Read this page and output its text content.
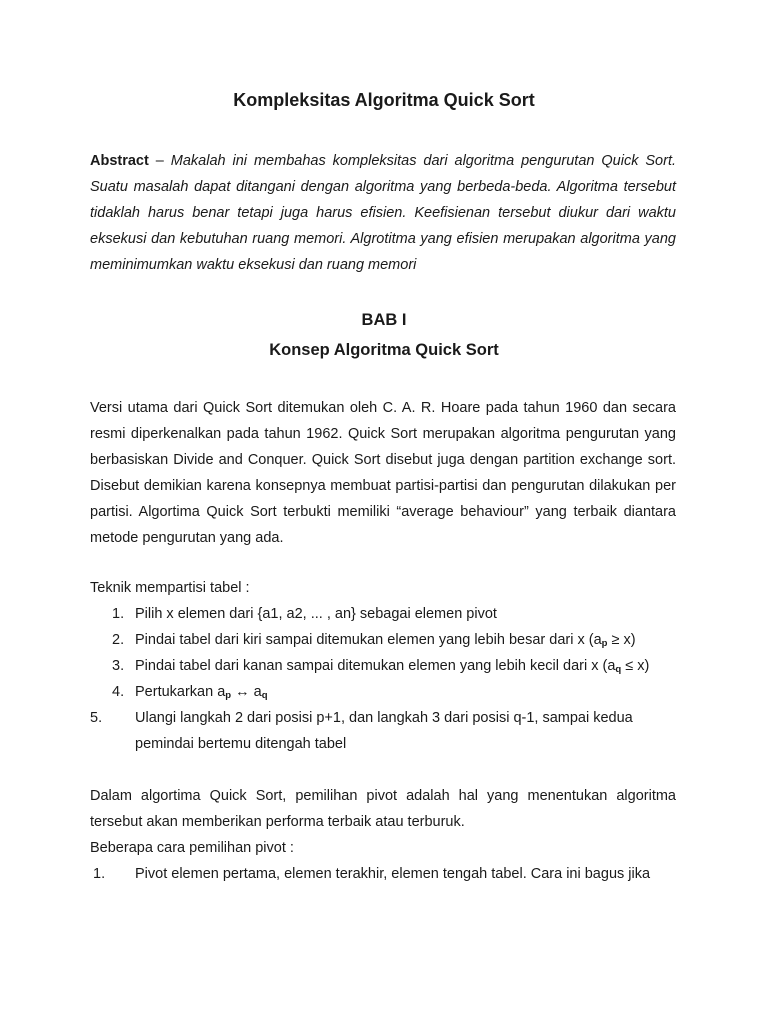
Kompleksitas Algoritma Quick Sort
Abstract – Makalah ini membahas kompleksitas dari algoritma pengurutan Quick Sort. Suatu masalah dapat ditangani dengan algoritma yang berbeda-beda. Algoritma tersebut tidaklah harus benar tetapi juga harus efisien. Keefisienan tersebut diukur dari waktu eksekusi dan kebutuhan ruang memori. Algrotitma yang efisien merupakan algoritma yang meminimumkan waktu eksekusi dan ruang memori
BAB I
Konsep Algoritma Quick Sort
Versi utama dari Quick Sort ditemukan oleh C. A. R. Hoare pada tahun 1960 dan secara resmi diperkenalkan pada tahun 1962. Quick Sort merupakan algoritma pengurutan yang berbasiskan Divide and Conquer. Quick Sort disebut juga dengan partition exchange sort. Disebut demikian karena konsepnya membuat partisi-partisi dan pengurutan dilakukan per partisi. Algortima Quick Sort terbukti memiliki “average behaviour” yang terbaik diantara metode pengurutan yang ada.
Teknik mempartisi tabel :
1. Pilih x elemen dari {a1, a2, ... , an} sebagai elemen pivot
2. Pindai tabel dari kiri sampai ditemukan elemen yang lebih besar dari x $(a_p \ge x)$
3. Pindai tabel dari kanan sampai ditemukan elemen yang lebih kecil dari x $(a_q \le x)$
4. Pertukarkan $a_p$ ↔ $a_q$
5.	Ulangi langkah 2 dari posisi p+1, dan langkah 3 dari posisi q-1, sampai kedua pemindai bertemu ditengah tabel
Dalam algortima Quick Sort, pemilihan pivot adalah hal yang menentukan algoritma tersebut akan memberikan performa terbaik atau terburuk.
Beberapa cara pemilihan pivot :
1. Pivot elemen pertama, elemen terakhir, elemen tengah tabel. Cara ini bagus jika
